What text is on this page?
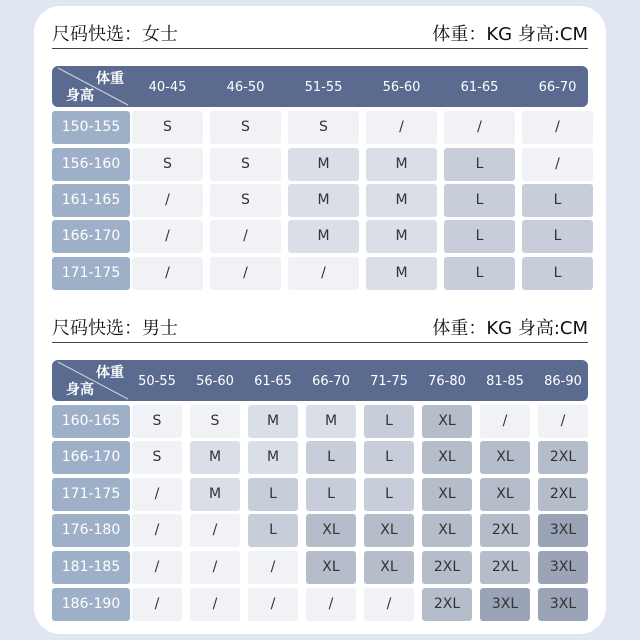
尺码快选：女士	体重：KG 身高:CM
体重
身高
40-45	46-50	51-55	56-60	61-65	66-70
150-155	S	S	S	/	/	/
156-160	S	S	M	M	L	/
161-165	/	S	M	M	L	L
166-170	/	/	M	M	L	L
171-175	/	/	/	M	L	L
尺码快选：男士	体重：KG 身高:CM
体重
身高
50-55	56-60	61-65	66-70	71-75	76-80	81-85	86-90
160-165	S	S	M	M	L	XL	/	/
166-170	S	M	M	L	L	XL	XL	2XL
171-175	/	M	L	L	L	XL	XL	2XL
176-180	/	/	L	XL	XL	XL	2XL	3XL
181-185	/	/	/	XL	XL	2XL	2XL	3XL
186-190	/	/	/	/	/	2XL	3XL	3XL
